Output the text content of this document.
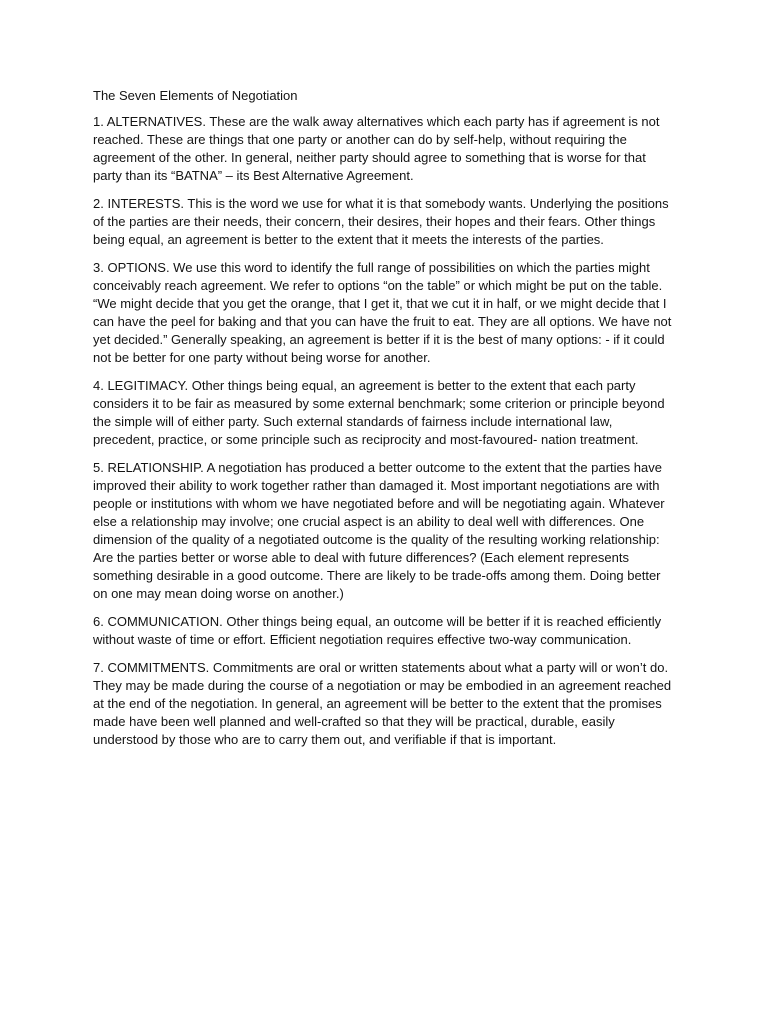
The Seven Elements of Negotiation

1. ALTERNATIVES. These are the walk away alternatives which each party has if agreement is not reached. These are things that one party or another can do by self-help, without requiring the agreement of the other. In general, neither party should agree to something that is worse for that party than its “BATNA” – its Best Alternative Agreement.

2. INTERESTS. This is the word we use for what it is that somebody wants. Underlying the positions of the parties are their needs, their concern, their desires, their hopes and their fears. Other things being equal, an agreement is better to the extent that it meets the interests of the parties.

3. OPTIONS. We use this word to identify the full range of possibilities on which the parties might conceivably reach agreement. We refer to options “on the table” or which might be put on the table. “We might decide that you get the orange, that I get it, that we cut it in half, or we might decide that I can have the peel for baking and that you can have the fruit to eat. They are all options. We have not yet decided.” Generally speaking, an agreement is better if it is the best of many options: - if it could not be better for one party without being worse for another.

4. LEGITIMACY. Other things being equal, an agreement is better to the extent that each party considers it to be fair as measured by some external benchmark; some criterion or principle beyond the simple will of either party. Such external standards of fairness include international law, precedent, practice, or some principle such as reciprocity and most-favoured- nation treatment.

5. RELATIONSHIP. A negotiation has produced a better outcome to the extent that the parties have improved their ability to work together rather than damaged it. Most important negotiations are with people or institutions with whom we have negotiated before and will be negotiating again. Whatever else a relationship may involve; one crucial aspect is an ability to deal well with differences. One dimension of the quality of a negotiated outcome is the quality of the resulting working relationship: Are the parties better or worse able to deal with future differences? (Each element represents something desirable in a good outcome. There are likely to be trade-offs among them. Doing better on one may mean doing worse on another.)

6. COMMUNICATION. Other things being equal, an outcome will be better if it is reached efficiently without waste of time or effort. Efficient negotiation requires effective two-way communication.

7. COMMITMENTS. Commitments are oral or written statements about what a party will or won’t do. They may be made during the course of a negotiation or may be embodied in an agreement reached at the end of the negotiation. In general, an agreement will be better to the extent that the promises made have been well planned and well-crafted so that they will be practical, durable, easily understood by those who are to carry them out, and verifiable if that is important.
